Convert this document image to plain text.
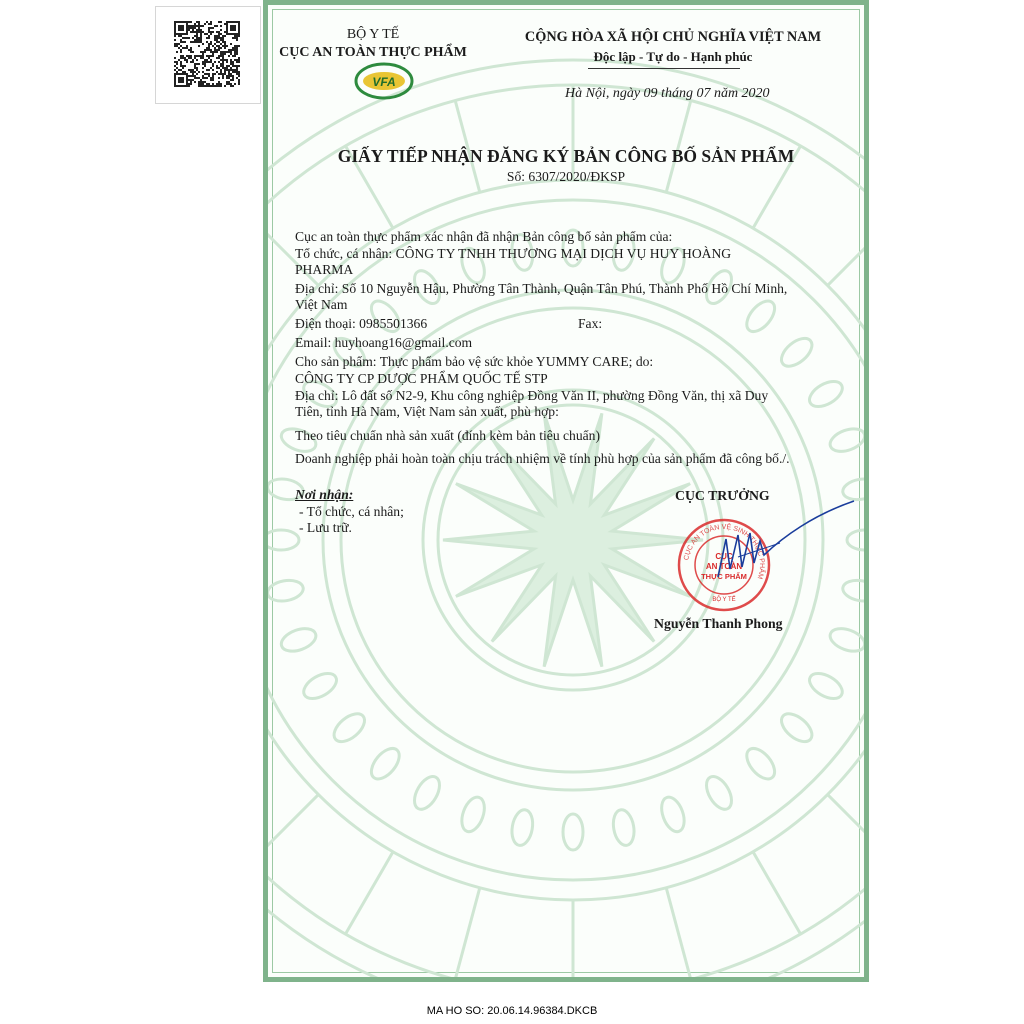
BỘ Y TẾ
CỤC AN TOÀN THỰC PHẨM
VFA
CỘNG HÒA XÃ HỘI CHỦ NGHĨA VIỆT NAM
Độc lập - Tự do - Hạnh phúc
Hà Nội, ngày 09 tháng 07 năm 2020
GIẤY TIẾP NHẬN ĐĂNG KÝ BẢN CÔNG BỐ SẢN PHẨM
Số: 6307/2020/ĐKSP
Cục an toàn thực phẩm xác nhận đã nhận Bản công bố sản phẩm của:
Tổ chức, cá nhân: CÔNG TY TNHH THƯƠNG MẠI DỊCH VỤ HUY HOÀNG
PHARMA
Địa chỉ: Số 10 Nguyễn Hậu, Phường Tân Thành, Quận Tân Phú, Thành Phố Hồ Chí Minh,
Việt Nam
Điện thoại: 0985501366	Fax:
Email: huyhoang16@gmail.com
Cho sản phẩm: Thực phẩm bảo vệ sức khỏe YUMMY CARE; do:
CÔNG TY CP DƯỢC PHẨM QUỐC TẾ STP
Địa chỉ: Lô đất số N2-9, Khu công nghiệp Đồng Văn II, phường Đồng Văn, thị xã Duy
Tiên, tỉnh Hà Nam, Việt Nam sản xuất, phù hợp:
Theo tiêu chuẩn nhà sản xuất (đính kèm bản tiêu chuẩn)
Doanh nghiệp phải hoàn toàn chịu trách nhiệm về tính phù hợp của sản phẩm đã công bố./.
Nơi nhận:
- Tổ chức, cá nhân;
- Lưu trữ.
CỤC TRƯỞNG
CỤC AN TOÀN VỆ SINH THỰC PHẨM
CỤC
AN TOÀN
THỰC PHẨM
BỘ Y TẾ
Nguyễn Thanh Phong
MA HO SO: 20.06.14.96384.DKCB
